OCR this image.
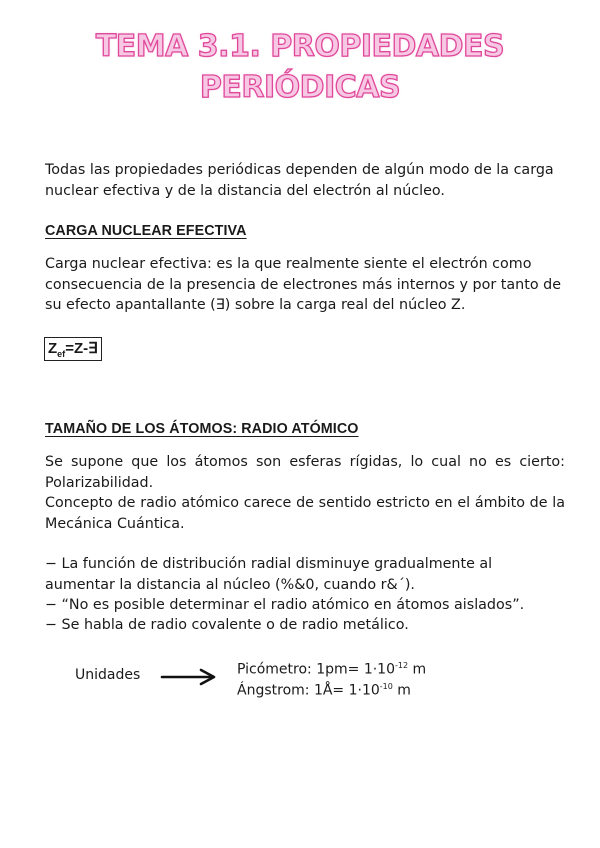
TEMA 3.1. PROPIEDADES
PERIÓDICAS

Todas las propiedades periódicas dependen de algún modo de la carga nuclear efectiva y de la distancia del electrón al núcleo.

CARGA NUCLEAR EFECTIVA

Carga nuclear efectiva: es la que realmente siente el electrón como consecuencia de la presencia de electrones más internos y por tanto de su efecto apantallante (∃) sobre la carga real del núcleo Z.

$Z_{ef}=Z-\exists$

TAMAÑO DE LOS ÁTOMOS: RADIO ATÓMICO

Se supone que los átomos son esferas rígidas, lo cual no es cierto: Polarizabilidad.

Concepto de radio atómico carece de sentido estricto en el ámbito de la Mecánica Cuántica.

− La función de distribución radial disminuye gradualmente al aumentar la distancia al núcleo (%&0, cuando r&´).

− “No es posible determinar el radio atómico en átomos aislados”.

− Se habla de radio covalente o de radio metálico.

Unidades	Picómetro: $1pm= 1\cdot 10^{-12}$ m
Ángstrom: 1Å= $1\cdot 10^{-10}$ m
